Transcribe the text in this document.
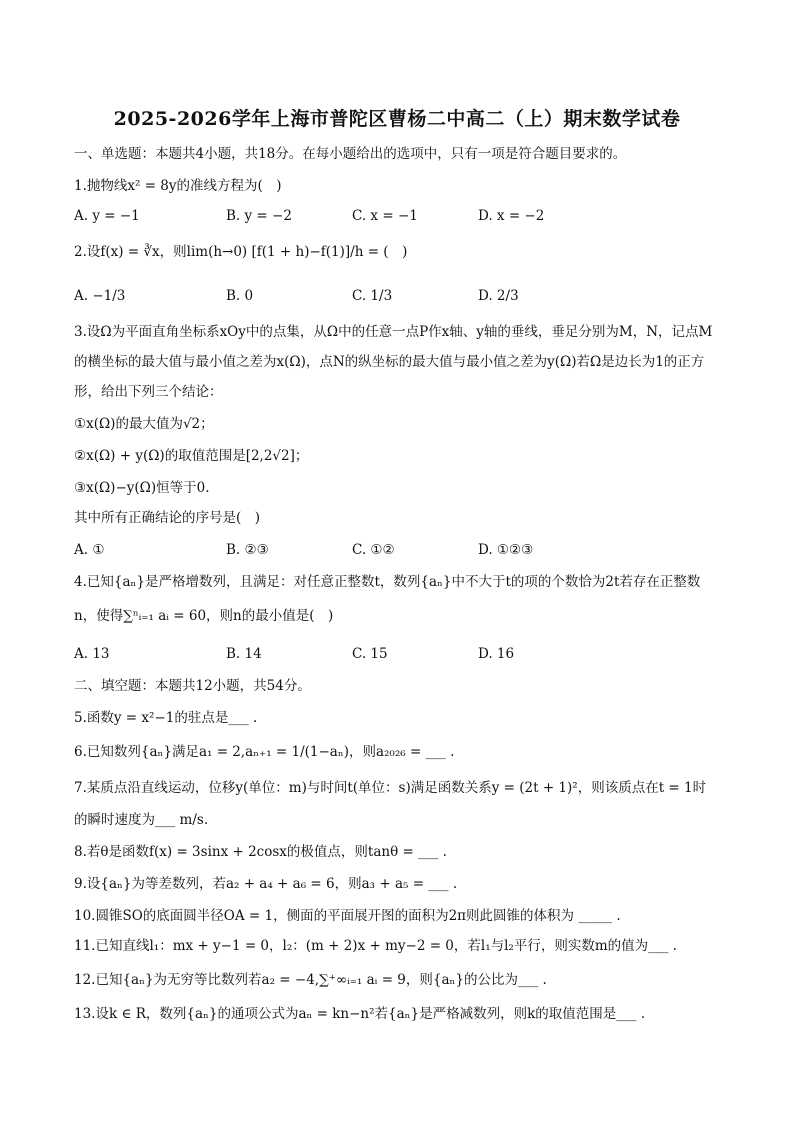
2025-2026学年上海市普陀区曹杨二中高二（上）期末数学试卷
一、单选题：本题共4小题，共18分。在每小题给出的选项中，只有一项是符合题目要求的。
1.抛物线x² = 8y的准线方程为(　)
A. y = −1	B. y = −2	C. x = −1	D. x = −2
2.设f(x) = ∛x，则lim(h→0) [f(1 + h)−f(1)]/h = (　)
A. −1/3	B. 0	C. 1/3	D. 2/3
3.设Ω为平面直角坐标系xOy中的点集，从Ω中的任意一点P作x轴、y轴的垂线，垂足分别为M，N，记点M
的横坐标的最大值与最小值之差为x(Ω)，点N的纵坐标的最大值与最小值之差为y(Ω)若Ω是边长为1的正方
形，给出下列三个结论：
①x(Ω)的最大值为√2；
②x(Ω) + y(Ω)的取值范围是[2,2√2]；
③x(Ω)−y(Ω)恒等于0.
其中所有正确结论的序号是(　)
A. ①	B. ②③	C. ①②	D. ①②③
4.已知{aₙ}是严格增数列，且满足：对任意正整数t，数列{aₙ}中不大于t的项的个数恰为2t若存在正整数
n，使得∑ⁿᵢ₌₁ aᵢ = 60，则n的最小值是(　)
A. 13	B. 14	C. 15	D. 16
二、填空题：本题共12小题，共54分。
5.函数y = x²−1的驻点是___ .
6.已知数列{aₙ}满足a₁ = 2,aₙ₊₁ = 1/(1−aₙ)，则a₂₀₂₆ = ___ .
7.某质点沿直线运动，位移y(单位：m)与时间t(单位：s)满足函数关系y = (2t + 1)²，则该质点在t = 1时
的瞬时速度为___ m/s.
8.若θ是函数f(x) = 3sinx + 2cosx的极值点，则tanθ = ___ .
9.设{aₙ}为等差数列，若a₂ + a₄ + a₆ = 6，则a₃ + a₅ = ___ .
10.圆锥SO的底面圆半径OA = 1，侧面的平面展开图的面积为2π则此圆锥的体积为 _____ .
11.已知直线l₁：mx + y−1 = 0，l₂：(m + 2)x + my−2 = 0，若l₁与l₂平行，则实数m的值为___ .
12.已知{aₙ}为无穷等比数列若a₂ = −4,∑⁺∞ᵢ₌₁ aᵢ = 9，则{aₙ}的公比为___ .
13.设k ∈ R，数列{aₙ}的通项公式为aₙ = kn−n²若{aₙ}是严格减数列，则k的取值范围是___ .
